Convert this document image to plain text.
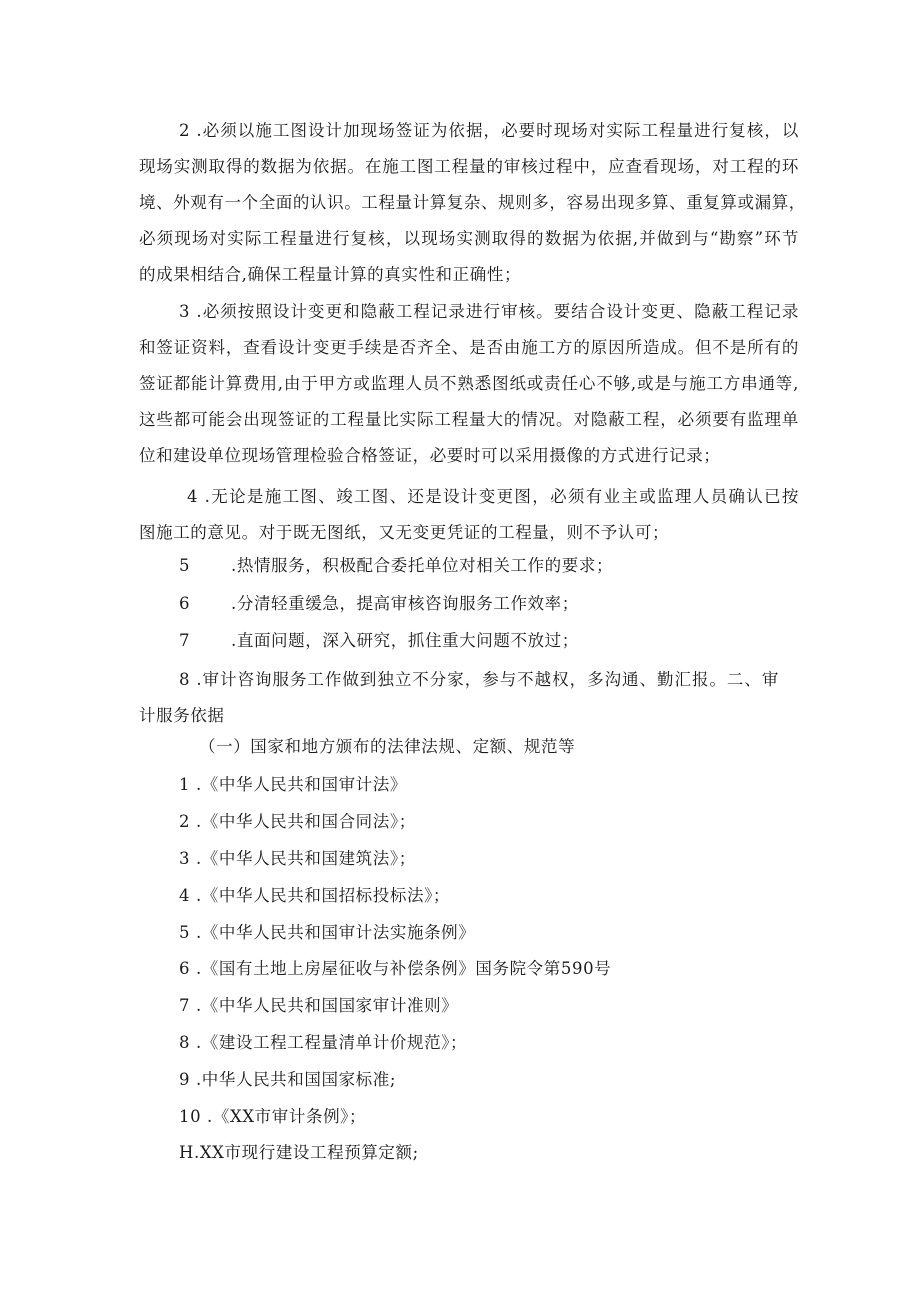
2 .必须以施工图设计加现场签证为依据，必要时现场对实际工程量进行复核，以
现场实测取得的数据为依据。在施工图工程量的审核过程中，应查看现场，对工程的环
境、外观有一个全面的认识。工程量计算复杂、规则多，容易出现多算、重复算或漏算，
必须现场对实际工程量进行复核，以现场实测取得的数据为依据,并做到与“勘察”环节
的成果相结合,确保工程量计算的真实性和正确性；
3 .必须按照设计变更和隐蔽工程记录进行审核。要结合设计变更、隐蔽工程记录
和签证资料，查看设计变更手续是否齐全、是否由施工方的原因所造成。但不是所有的
签证都能计算费用,由于甲方或监理人员不熟悉图纸或责任心不够,或是与施工方串通等,
这些都可能会出现签证的工程量比实际工程量大的情况。对隐蔽工程，必须要有监理单
位和建设单位现场管理检验合格签证，必要时可以采用摄像的方式进行记录；
4 .无论是施工图、竣工图、还是设计变更图，必须有业主或监理人员确认已按
图施工的意见。对于既无图纸，又无变更凭证的工程量，则不予认可；
5 .热情服务，积极配合委托单位对相关工作的要求；
6 .分清轻重缓急，提高审核咨询服务工作效率；
7 .直面问题，深入研究，抓住重大问题不放过；
8 .审计咨询服务工作做到独立不分家，参与不越权，多沟通、勤汇报。二、审
计服务依据
（一）国家和地方颁布的法律法规、定额、规范等
1 .《中华人民共和国审计法》
2 .《中华人民共和国合同法》；
3 .《中华人民共和国建筑法》；
4 .《中华人民共和国招标投标法》；
5 .《中华人民共和国审计法实施条例》
6 .《国有土地上房屋征收与补偿条例》国务院令第590号
7 .《中华人民共和国国家审计准则》
8 .《建设工程工程量清单计价规范》；
9 .中华人民共和国国家标准;
10 .《XX市审计条例》；
H.XX市现行建设工程预算定额;
